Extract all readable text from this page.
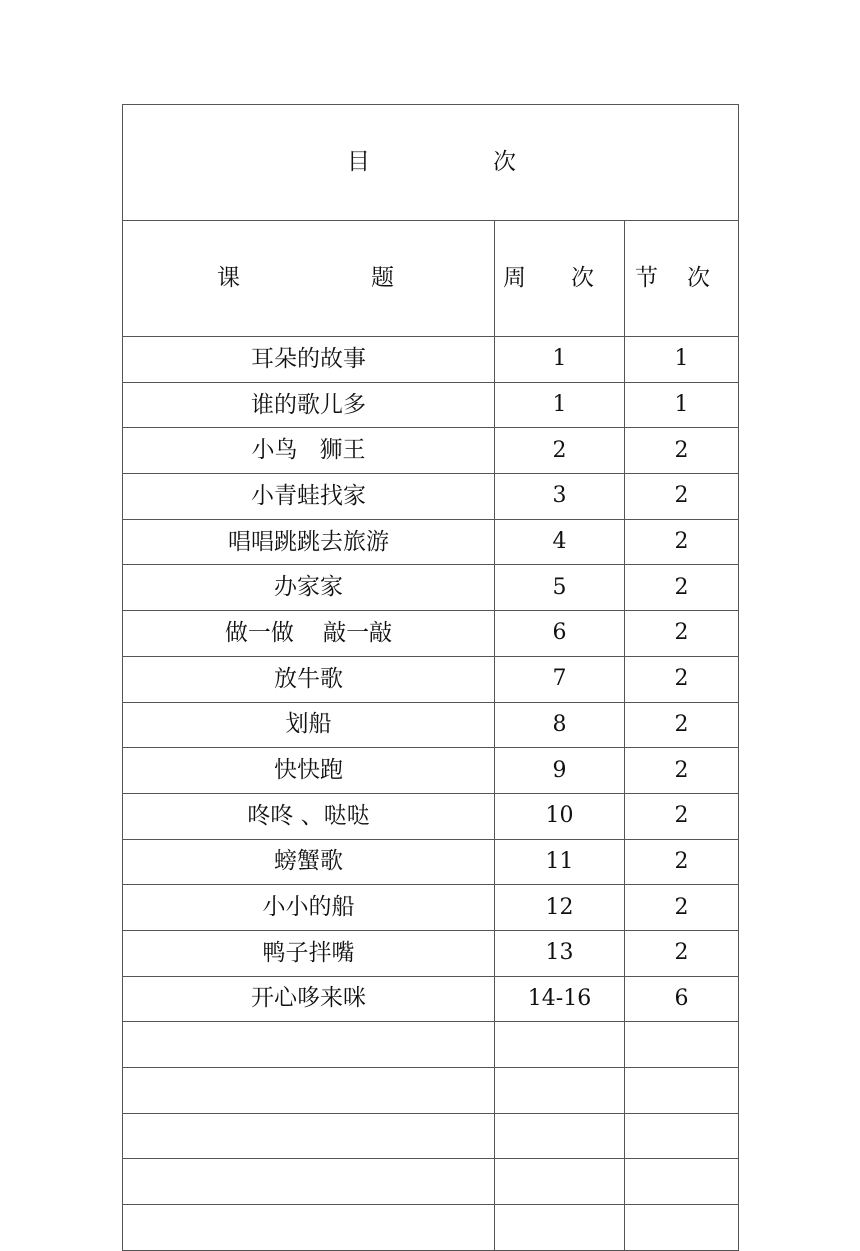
目 次		

课 题	周 次	节 次

耳朵的故事	1	1
谁的歌儿多	1	1
小鸟   狮王	2	2
小青蛙找家	3	2
唱唱跳跳去旅游	4	2
办家家	5	2
做一做    敲一敲	6	2
放牛歌	7	2
划船	8	2
快快跑	9	2
咚咚 、哒哒	10	2
螃蟹歌	11	2
小小的船	12	2
鸭子拌嘴	13	2
开心哆来咪	14-16	6
